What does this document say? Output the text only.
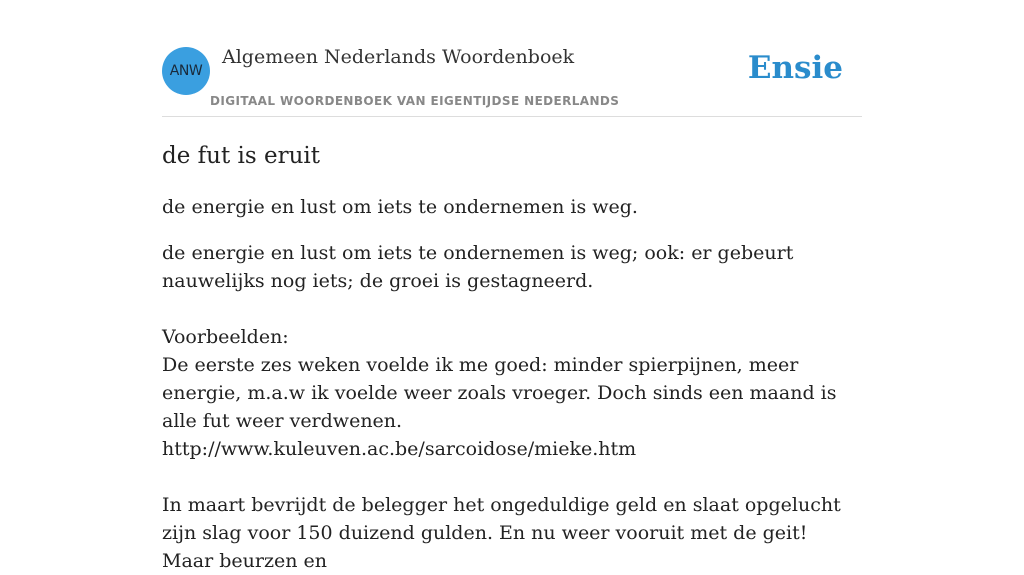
ANW
Algemeen Nederlands Woordenboek
DIGITAAL WOORDENBOEK VAN EIGENTIJDSE NEDERLANDS
Ensie
de fut is eruit

de energie en lust om iets te ondernemen is weg.

de energie en lust om iets te ondernemen is weg; ook: er gebeurt nauwelijks nog iets; de groei is gestagneerd.

Voorbeelden:

De eerste zes weken voelde ik me goed: minder spierpijnen, meer energie, m.a.w ik voelde weer zoals vroeger. Doch sinds een maand is alle fut weer verdwenen.

http://www.kuleuven.ac.be/sarcoidose/mieke.htm

In maart bevrijdt de belegger het ongeduldige geld en slaat opgelucht zijn slag voor 150 duizend gulden. En nu weer vooruit met de geit! Maar beurzen en
